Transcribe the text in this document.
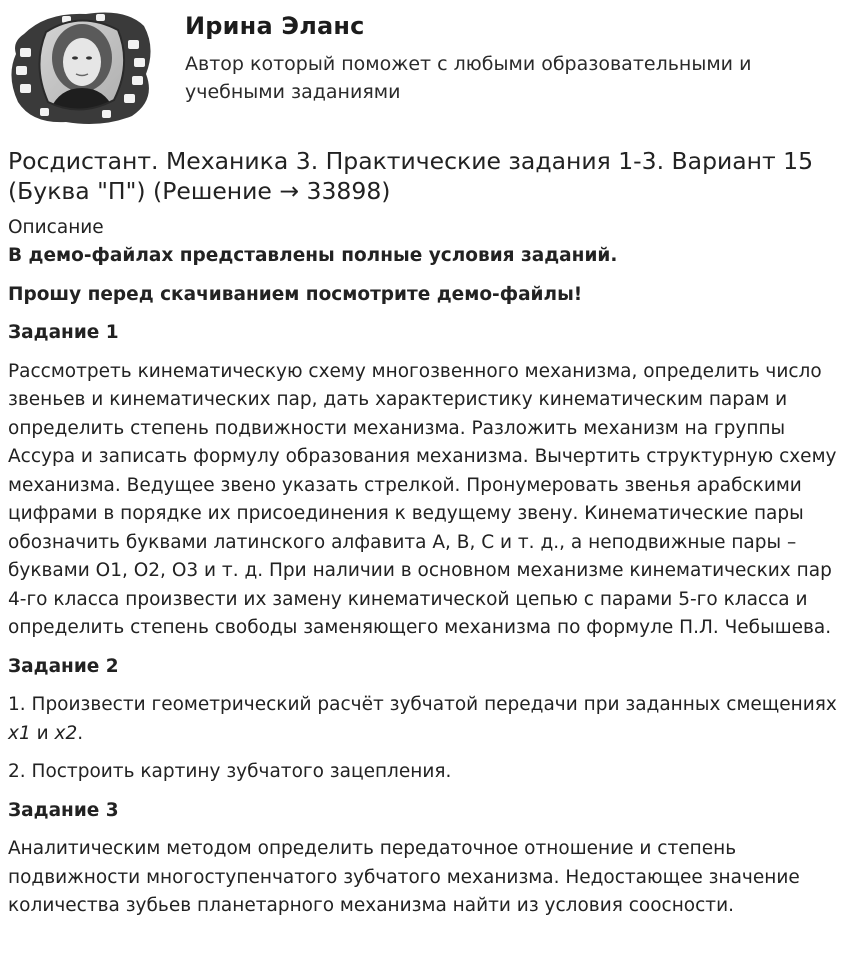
Ирина Эланс
Автор который поможет с любыми образовательными и учебными заданиями
Росдистант. Механика 3. Практические задания 1-3. Вариант 15 (Буква "П") (Решение → 33898)
Описание

В демо-файлах представлены полные условия заданий.

Прошу перед скачиванием посмотрите демо-файлы!

Задание 1

Рассмотреть кинематическую схему многозвенного механизма, определить число звеньев и кинематических пар, дать характеристику кинематическим парам и определить степень подвижности механизма. Разложить механизм на группы Ассура и записать формулу образования механизма. Вычертить структурную схему механизма. Ведущее звено указать стрелкой. Пронумеровать звенья арабскими цифрами в порядке их присоединения к ведущему звену. Кинематические пары обозначить буквами латинского алфавита A, B, C и т. д., а неподвижные пары – буквами O1, O2, O3 и т. д. При наличии в основном механизме кинематических пар 4-го класса произвести их замену кинематической цепью с парами 5-го класса и определить степень свободы заменяющего механизма по формуле П.Л. Чебышева.

Задание 2

1. Произвести геометрический расчёт зубчатой передачи при заданных смещениях x1 и x2.

2. Построить картину зубчатого зацепления.

Задание 3

Аналитическим методом определить передаточное отношение и степень подвижности многоступенчатого зубчатого механизма. Недостающее значение количества зубьев планетарного механизма найти из условия соосности.
